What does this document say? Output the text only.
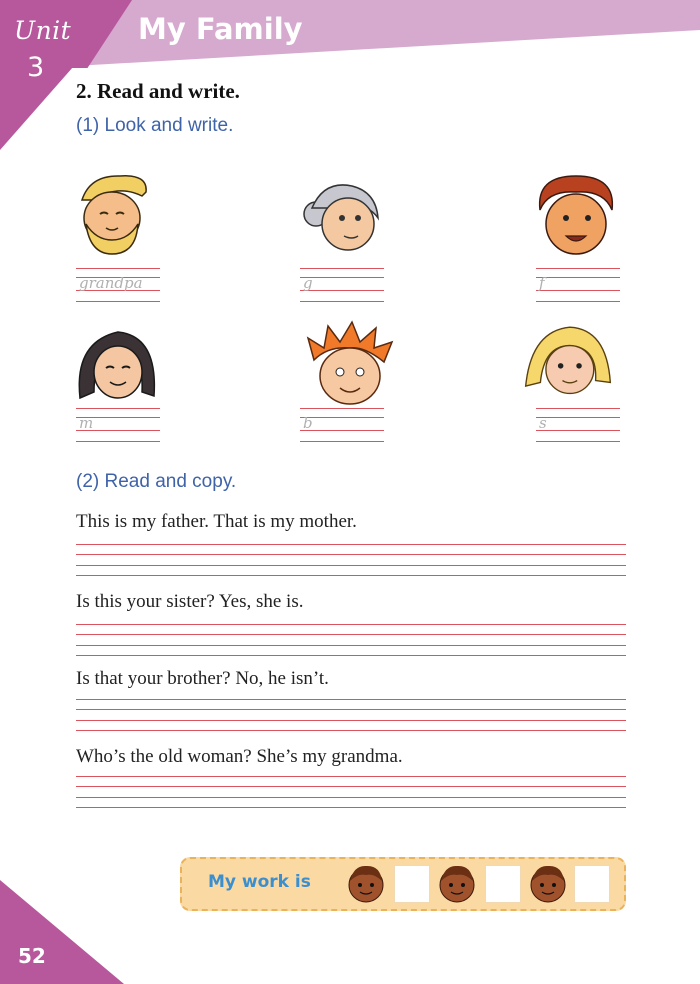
Unit
3
My Family
2. Read and write.
(1) Look and write.
grandpa	g	f
m	b	s
(2) Read and copy.
This is my father. That is my mother.
Is this your sister? Yes, she is.
Is that your brother? No, he isn’t.
Who’s the old woman? She’s my grandma.
My work is
52
